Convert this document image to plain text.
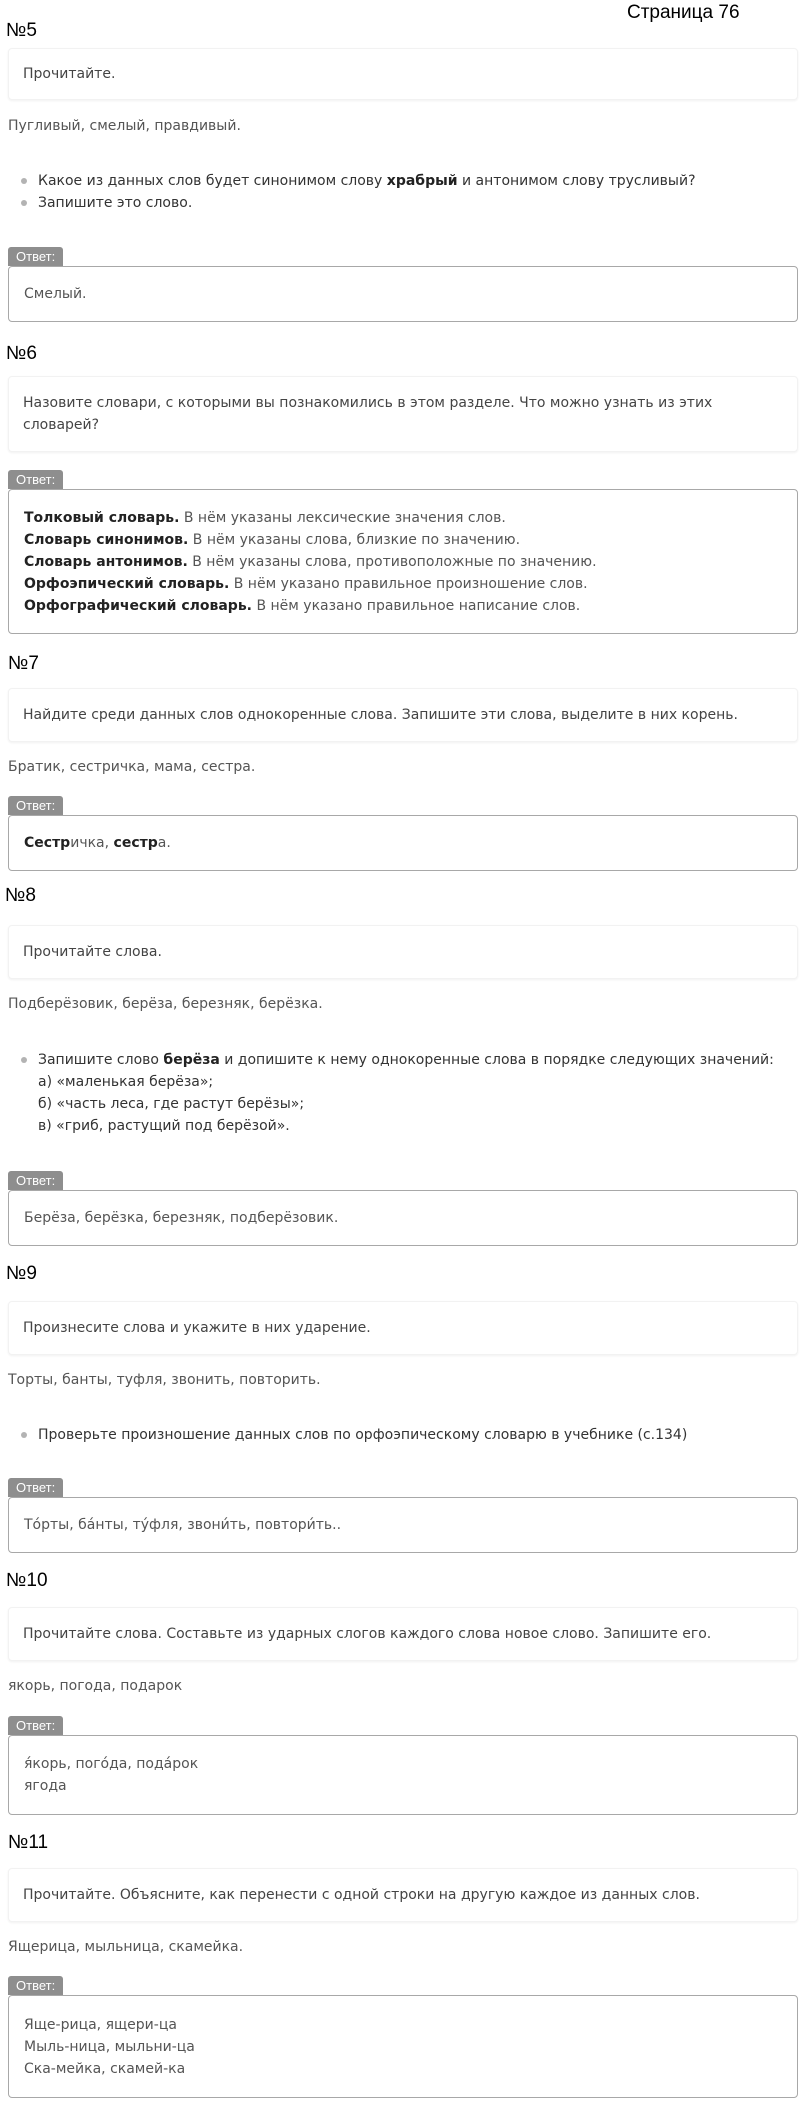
Страница 76
№5
Прочитайте.
Пугливый, смелый, правдивый.
Какое из данных слов будет синонимом слову храбрый и антонимом слову трусливый?
Запишите это слово.
Ответ:
Смелый.
№6
Назовите словари, с которыми вы познакомились в этом разделе. Что можно узнать из этих словарей?
Ответ:
Толковый словарь. В нём указаны лексические значения слов.
Словарь синонимов. В нём указаны слова, близкие по значению.
Словарь антонимов. В нём указаны слова, противоположные по значению.
Орфоэпический словарь. В нём указано правильное произношение слов.
Орфографический словарь. В нём указано правильное написание слов.
№7
Найдите среди данных слов однокоренные слова. Запишите эти слова, выделите в них корень.
Братик, сестричка, мама, сестра.
Ответ:
Сестричка, сестра.
№8
Прочитайте слова.
Подберёзовик, берёза, березняк, берёзка.
Запишите слово берёза и допишите к нему однокоренные слова в порядке следующих значений:
а) «маленькая берёза»;
б) «часть леса, где растут берёзы»;
в) «гриб, растущий под берёзой».
Ответ:
Берёза, берёзка, березняк, подберёзовик.
№9
Произнесите слова и укажите в них ударение.
Торты, банты, туфля, звонить, повторить.
Проверьте произношение данных слов по орфоэпическому словарю в учебнике (с.134)
Ответ:
То́рты, ба́нты, ту́фля, звони́ть, повтори́ть..
№10
Прочитайте слова. Составьте из ударных слогов каждого слова новое слово. Запишите его.
якорь, погода, подарок
Ответ:
я́корь, пого́да, пода́рок
ягода
№11
Прочитайте. Объясните, как перенести с одной строки на другую каждое из данных слов.
Ящерица, мыльница, скамейка.
Ответ:
Яще-рица, ящери-ца
Мыль-ница, мыльни-ца
Ска-мейка, скамей-ка
